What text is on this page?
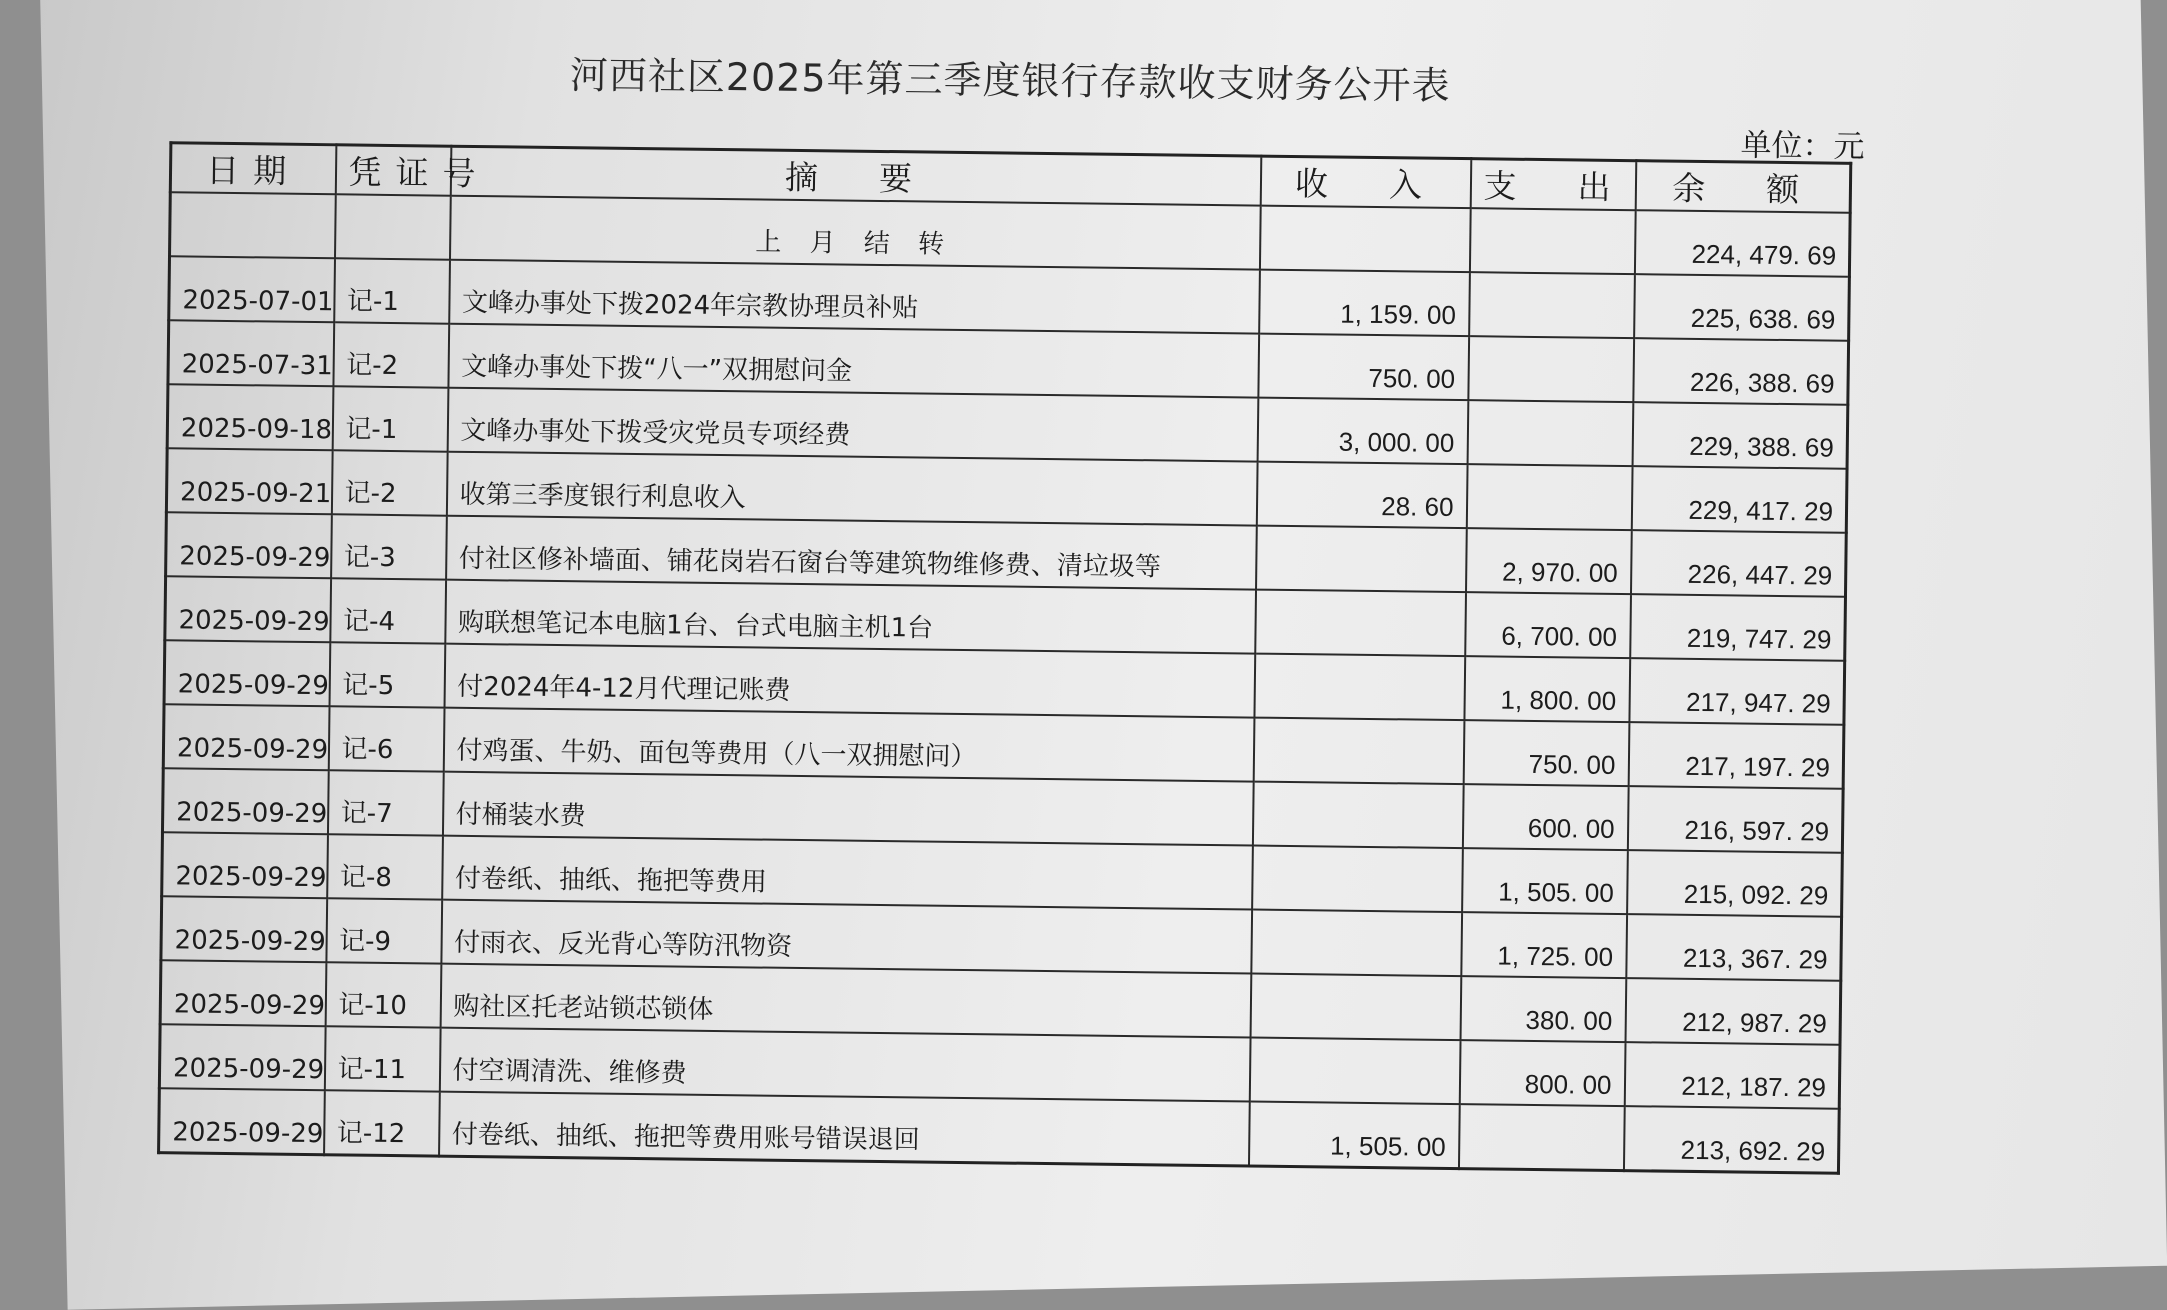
河西社区2025年第三季度银行存款收支财务公开表
单位：元
日期	凭证号	摘　要	收　入	支　出	余　额
		上 月 结 转			224, 479. 69
2025-07-01	记-1	文峰办事处下拨2024年宗教协理员补贴	1, 159. 00		225, 638. 69
2025-07-31	记-2	文峰办事处下拨“八一”双拥慰问金	750. 00		226, 388. 69
2025-09-18	记-1	文峰办事处下拨受灾党员专项经费	3, 000. 00		229, 388. 69
2025-09-21	记-2	收第三季度银行利息收入	28. 60		229, 417. 29
2025-09-29	记-3	付社区修补墙面、铺花岗岩石窗台等建筑物维修费、清垃圾等		2, 970. 00	226, 447. 29
2025-09-29	记-4	购联想笔记本电脑1台、台式电脑主机1台		6, 700. 00	219, 747. 29
2025-09-29	记-5	付2024年4-12月代理记账费		1, 800. 00	217, 947. 29
2025-09-29	记-6	付鸡蛋、牛奶、面包等费用（八一双拥慰问）		750. 00	217, 197. 29
2025-09-29	记-7	付桶装水费		600. 00	216, 597. 29
2025-09-29	记-8	付卷纸、抽纸、拖把等费用		1, 505. 00	215, 092. 29
2025-09-29	记-9	付雨衣、反光背心等防汛物资		1, 725. 00	213, 367. 29
2025-09-29	记-10	购社区托老站锁芯锁体		380. 00	212, 987. 29
2025-09-29	记-11	付空调清洗、维修费		800. 00	212, 187. 29
2025-09-29	记-12	付卷纸、抽纸、拖把等费用账号错误退回	1, 505. 00		213, 692. 29
